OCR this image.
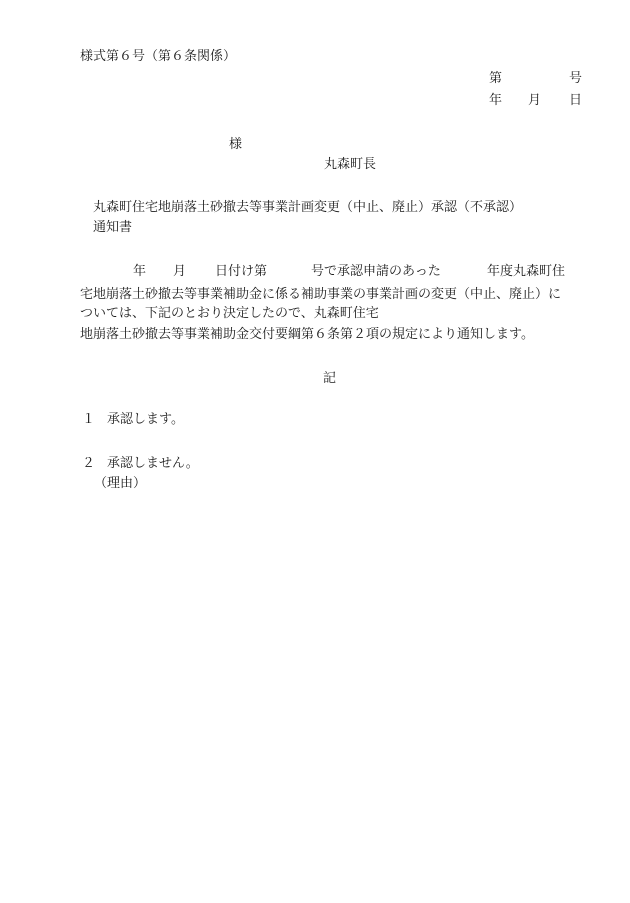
様式第６号（第６条関係）
第	号
年 月 日
様
丸森町長
丸森町住宅地崩落土砂撤去等事業計画変更（中止、廃止）承認（不承認）
通知書
年 月 日付け第	号で承認申請のあった	年度丸森町住
宅地崩落土砂撤去等事業補助金に係る補助事業の事業計画の変更（中止、廃止）に
ついては、下記のとおり決定したので、丸森町住宅
地崩落土砂撤去等事業補助金交付要綱第６条第２項の規定により通知します。
記
１ 承認します。
２ 承認しません。
（理由）
